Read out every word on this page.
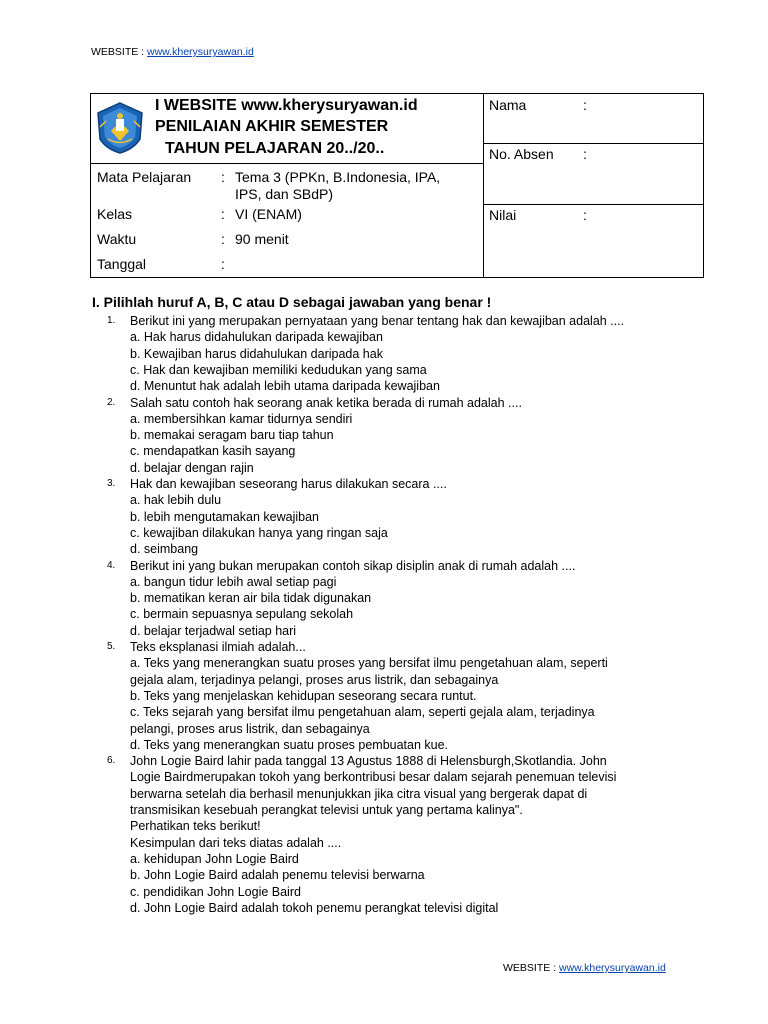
WEBSITE : www.kherysuryawan.id
I WEBSITE www.kherysuryawan.id
PENILAIAN AKHIR SEMESTER
TAHUN PELAJARAN 20../20..
Mata Pelajaran : Tema 3 (PPKn, B.Indonesia, IPA,
IPS, dan SBdP)
Kelas	: VI (ENAM)
Waktu	: 90 menit
Tanggal	:
Nama	:
No. Absen :
Nilai	:
I. Pilihlah huruf A, B, C atau D sebagai jawaban yang benar !
1. Berikut ini yang merupakan pernyataan yang benar tentang hak dan kewajiban adalah ....
a. Hak harus didahulukan daripada kewajiban
b. Kewajiban harus didahulukan daripada hak
c. Hak dan kewajiban memiliki kedudukan yang sama
d. Menuntut hak adalah lebih utama daripada kewajiban
2. Salah satu contoh hak seorang anak ketika berada di rumah adalah ....
a. membersihkan kamar tidurnya sendiri
b. memakai seragam baru tiap tahun
c. mendapatkan kasih sayang
d. belajar dengan rajin
3. Hak dan kewajiban seseorang harus dilakukan secara ....
a. hak lebih dulu
b. lebih mengutamakan kewajiban
c. kewajiban dilakukan hanya yang ringan saja
d. seimbang
4. Berikut ini yang bukan merupakan contoh sikap disiplin anak di rumah adalah ....
a. bangun tidur lebih awal setiap pagi
b. mematikan keran air bila tidak digunakan
c. bermain sepuasnya sepulang sekolah
d. belajar terjadwal setiap hari
5. Teks eksplanasi ilmiah adalah...
a. Teks yang menerangkan suatu proses yang bersifat ilmu pengetahuan alam, seperti
gejala alam, terjadinya pelangi, proses arus listrik, dan sebagainya
b. Teks yang menjelaskan kehidupan seseorang secara runtut.
c. Teks sejarah yang bersifat ilmu pengetahuan alam, seperti gejala alam, terjadinya
pelangi, proses arus listrik, dan sebagainya
d. Teks yang menerangkan suatu proses pembuatan kue.
6. John Logie Baird lahir pada tanggal 13 Agustus 1888 di Helensburgh,Skotlandia. John
Logie Bairdmerupakan tokoh yang berkontribusi besar dalam sejarah penemuan televisi
berwarna setelah dia berhasil menunjukkan jika citra visual yang bergerak dapat di
transmisikan kesebuah perangkat televisi untuk yang pertama kalinya".
Perhatikan teks berikut!
Kesimpulan dari teks diatas adalah ....
a. kehidupan John Logie Baird
b. John Logie Baird adalah penemu televisi berwarna
c. pendidikan John Logie Baird
d. John Logie Baird adalah tokoh penemu perangkat televisi digital
WEBSITE : www.kherysuryawan.id
